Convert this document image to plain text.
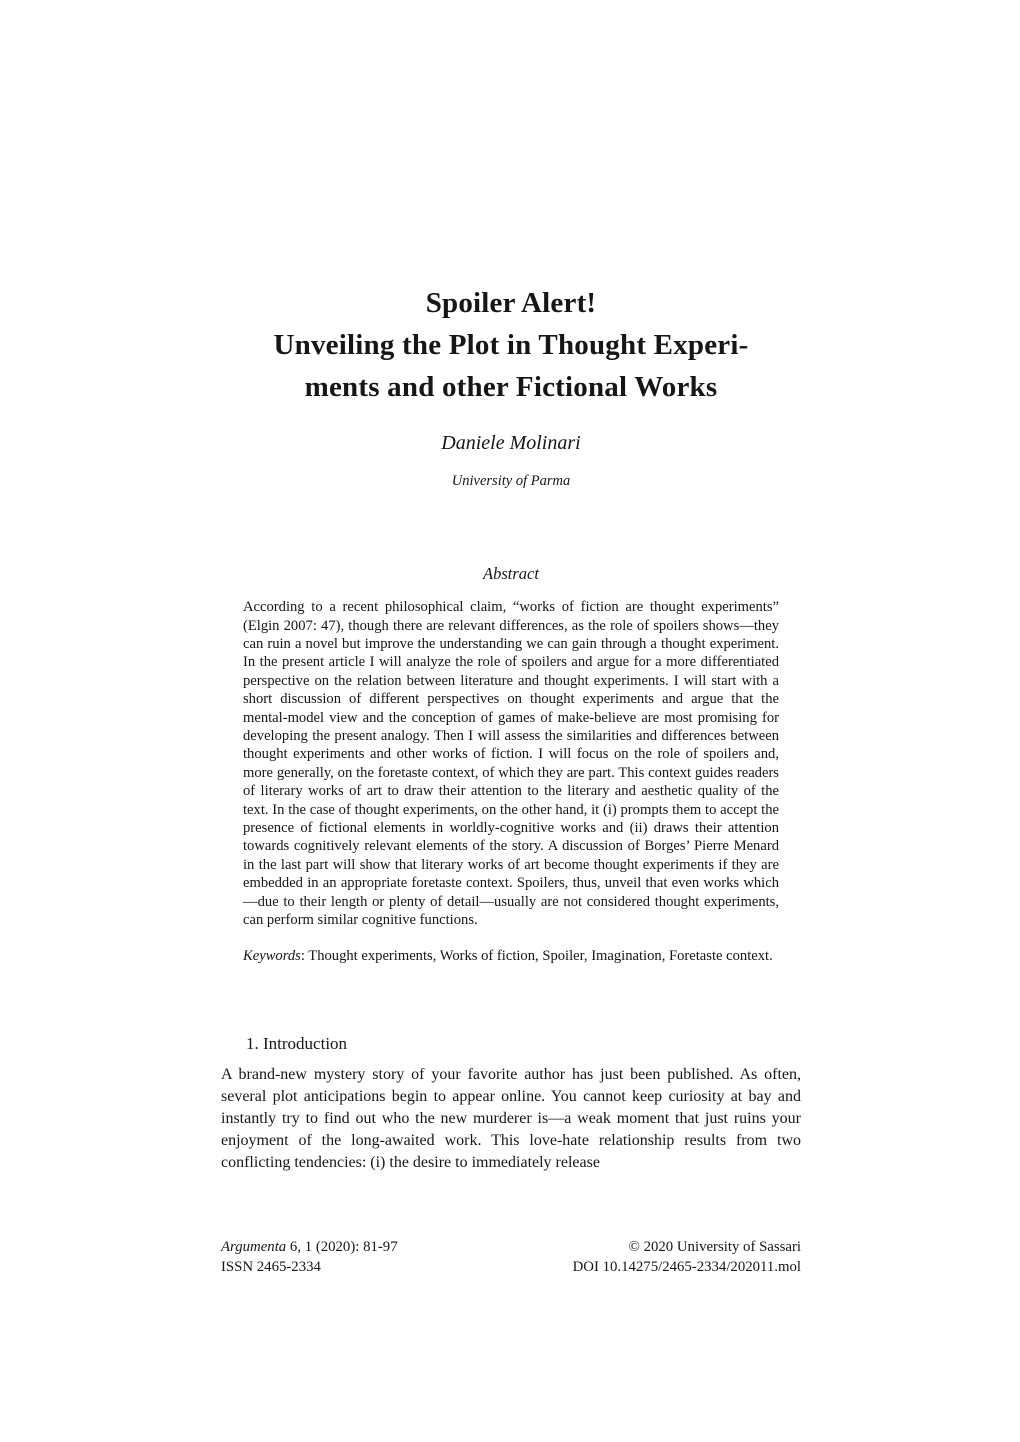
Spoiler Alert!
Unveiling the Plot in Thought Experi-
ments and other Fictional Works
Daniele Molinari
University of Parma
Abstract

According to a recent philosophical claim, “works of fiction are thought experiments” (Elgin 2007: 47), though there are relevant differences, as the role of spoilers shows—they can ruin a novel but improve the understanding we can gain through a thought experiment. In the present article I will analyze the role of spoilers and argue for a more differentiated perspective on the relation between literature and thought experiments. I will start with a short discussion of different perspectives on thought experiments and argue that the mental-model view and the conception of games of make-believe are most promising for developing the present analogy. Then I will assess the similarities and differences between thought experiments and other works of fiction. I will focus on the role of spoilers and, more generally, on the foretaste context, of which they are part. This context guides readers of literary works of art to draw their attention to the literary and aesthetic quality of the text. In the case of thought experiments, on the other hand, it (i) prompts them to accept the presence of fictional elements in worldly-cognitive works and (ii) draws their attention towards cognitively relevant elements of the story. A discussion of Borges’ Pierre Menard in the last part will show that literary works of art become thought experiments if they are embedded in an appropriate foretaste context. Spoilers, thus, unveil that even works which—due to their length or plenty of detail—usually are not considered thought experiments, can perform similar cognitive functions.

Keywords: Thought experiments, Works of fiction, Spoiler, Imagination, Foretaste context.

1. Introduction

A brand-new mystery story of your favorite author has just been published. As often, several plot anticipations begin to appear online. You cannot keep curiosity at bay and instantly try to find out who the new murderer is—a weak moment that just ruins your enjoyment of the long-awaited work. This love-hate relationship results from two conflicting tendencies: (i) the desire to immediately release

Argumenta 6, 1 (2020): 81-97
ISSN 2465-2334
© 2020 University of Sassari
DOI 10.14275/2465-2334/202011.mol
